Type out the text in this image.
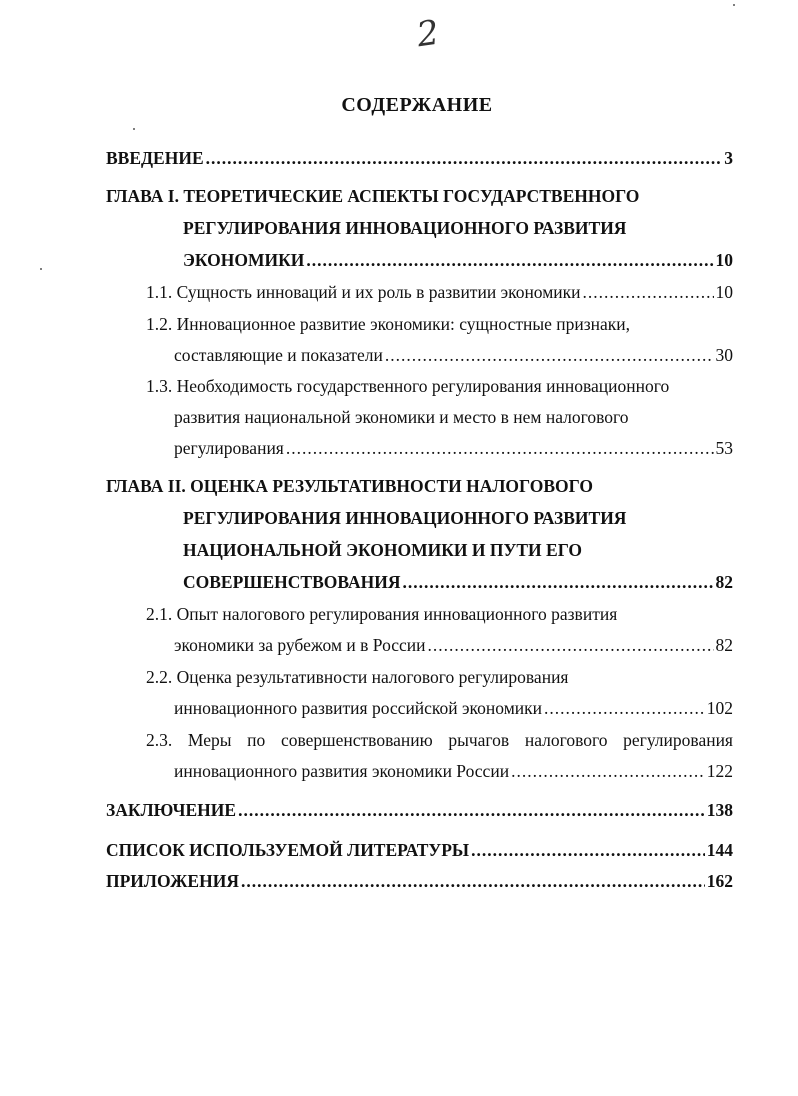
2
СОДЕРЖАНИЕ
ВВЕДЕНИЕ .....	3
ГЛАВА I. ТЕОРЕТИЧЕСКИЕ АСПЕКТЫ ГОСУДАРСТВЕННОГО
РЕГУЛИРОВАНИЯ ИННОВАЦИОННОГО РАЗВИТИЯ
ЭКОНОМИКИ .....	10
1.1. Сущность инноваций и их роль в развитии экономики .....	10
1.2. Инновационное развитие экономики: сущностные признаки,
составляющие и показатели .....	30
1.3. Необходимость государственного регулирования инновационного
развития национальной экономики и место в нем налогового
регулирования .....	53
ГЛАВА II. ОЦЕНКА РЕЗУЛЬТАТИВНОСТИ НАЛОГОВОГО
РЕГУЛИРОВАНИЯ ИННОВАЦИОННОГО РАЗВИТИЯ
НАЦИОНАЛЬНОЙ ЭКОНОМИКИ И ПУТИ ЕГО
СОВЕРШЕНСТВОВАНИЯ .....	82
2.1. Опыт налогового регулирования инновационного развития
экономики за рубежом и в России .....	82
2.2. Оценка результативности налогового регулирования
инновационного развития российской экономики .....	102
2.3. Меры по совершенствованию рычагов налогового регулирования
инновационного развития экономики России .....	122
ЗАКЛЮЧЕНИЕ .....	138
СПИСОК ИСПОЛЬЗУЕМОЙ ЛИТЕРАТУРЫ .....	144
ПРИЛОЖЕНИЯ .....	162
